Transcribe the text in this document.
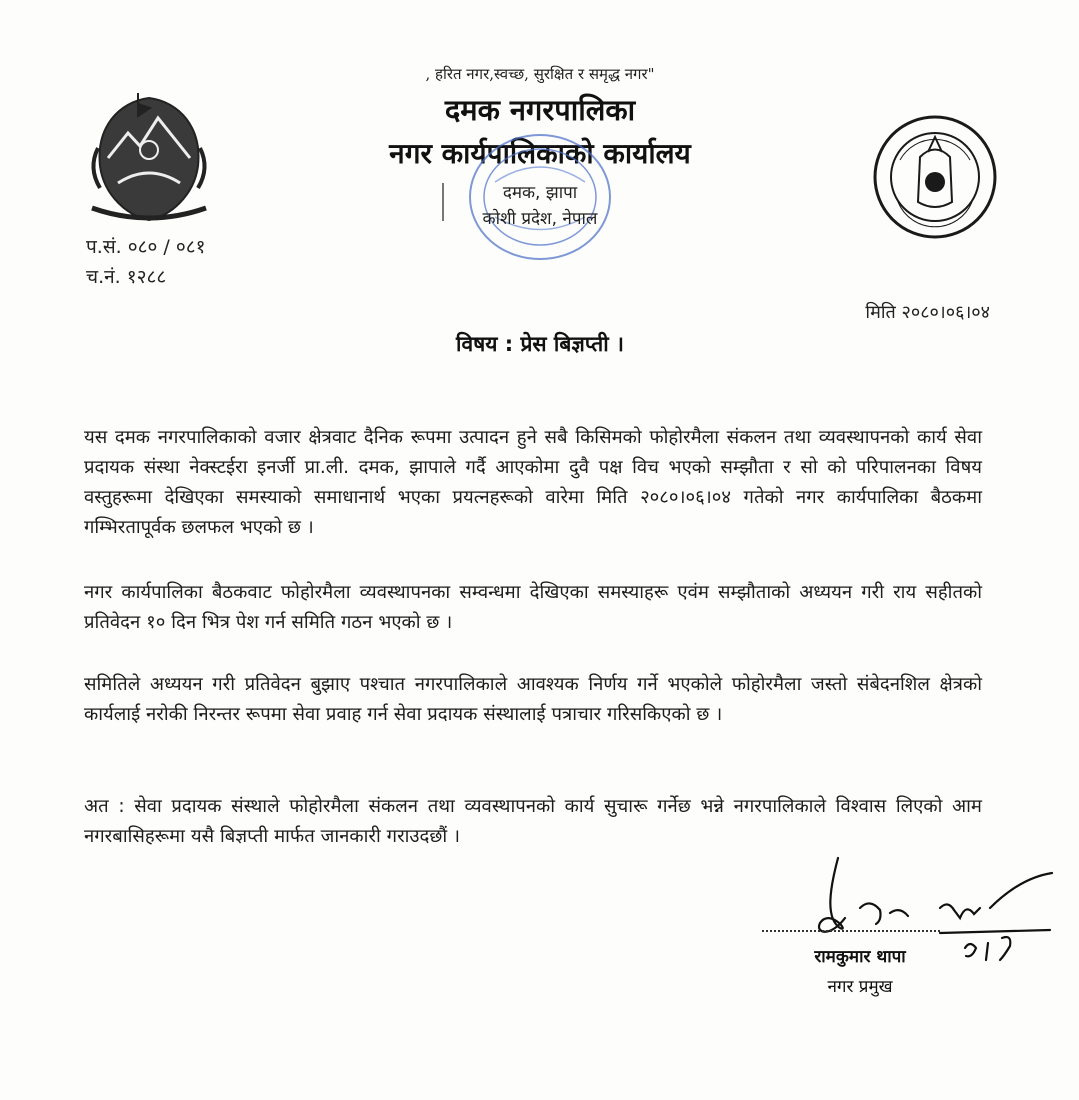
, हरित नगर,स्वच्छ, सुरक्षित र समृद्ध नगर"
दमक नगरपालिका
नगर कार्यपालिकाको कार्यालय
दमक, झापा
कोशी प्रदेश, नेपाल
प.सं. ०८० / ०८१
च.नं. १२८८
मिति २०८०।०६।०४
विषय : प्रेस बिज्ञप्ती ।

यस दमक नगरपालिकाको वजार क्षेत्रवाट दैनिक रूपमा उत्पादन हुने सबै किसिमको फोहोरमैला संकलन तथा व्यवस्थापनको कार्य सेवा प्रदायक संस्था नेक्स्टईरा इनर्जी प्रा.ली. दमक, झापाले गर्दै आएकोमा दुवै पक्ष विच भएको सम्झौता र सो को परिपालनका विषय वस्तुहरूमा देखिएका समस्याको समाधानार्थ भएका प्रयत्नहरूको वारेमा मिति २०८०।०६।०४ गतेको नगर कार्यपालिका बैठकमा गम्भिरतापूर्वक छलफल भएको छ ।

नगर कार्यपालिका बैठकवाट फोहोरमैला व्यवस्थापनका सम्वन्धमा देखिएका समस्याहरू एवंम सम्झौताको अध्ययन गरी राय सहीतको प्रतिवेदन १० दिन भित्र पेश गर्न समिति गठन भएको छ ।

समितिले अध्ययन गरी प्रतिवेदन बुझाए पश्चात नगरपालिकाले आवश्यक निर्णय गर्ने भएकोले फोहोरमैला जस्तो संबेदनशिल क्षेत्रको कार्यलाई नरोकी निरन्तर रूपमा सेवा प्रवाह गर्न सेवा प्रदायक संस्थालाई पत्राचार गरिसकिएको छ ।

अत : सेवा प्रदायक संस्थाले फोहोरमैला संकलन तथा व्यवस्थापनको कार्य सुचारू गर्नेछ भन्ने नगरपालिकाले विश्वास लिएको आम नगरबासिहरूमा यसै बिज्ञप्ती मार्फत जानकारी गराउदछौं ।

रामकुमार थापा
नगर प्रमुख
